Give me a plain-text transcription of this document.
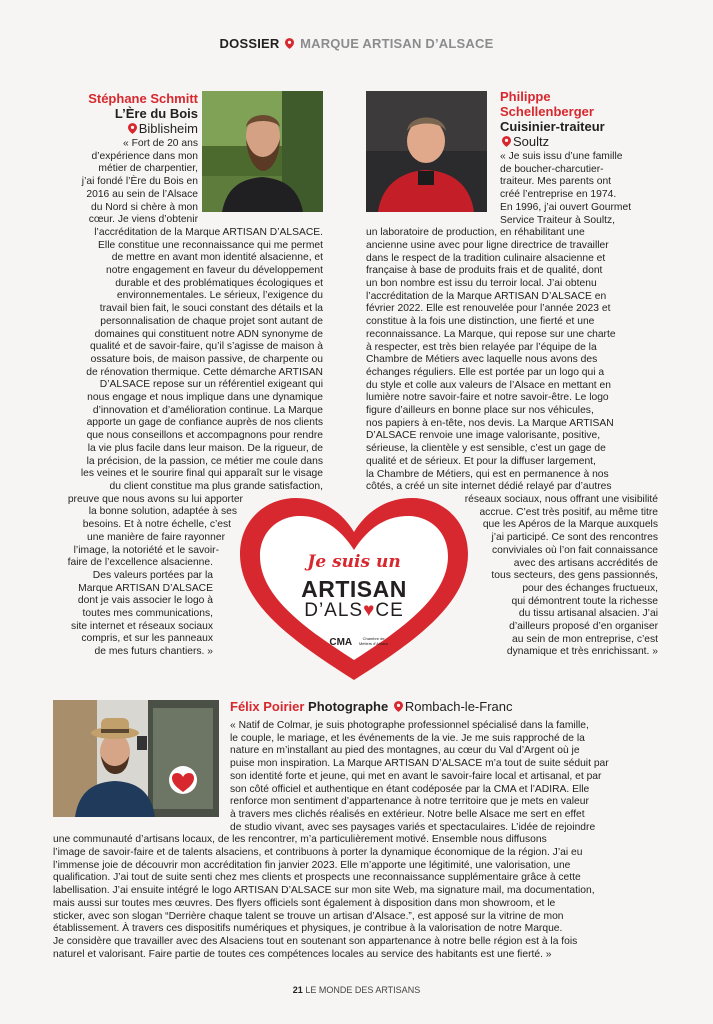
DOSSIER MARQUE ARTISAN D’ALSACE
Stéphane Schmitt
L’Ère du Bois
Biblisheim
« Fort de 20 ans
d’expérience dans mon
métier de charpentier,
j’ai fondé l’Ère du Bois en
2016 au sein de l’Alsace
du Nord si chère à mon
cœur. Je viens d’obtenir
l’accréditation de la Marque ARTISAN D’ALSACE.
Elle constitue une reconnaissance qui me permet
de mettre en avant mon identité alsacienne, et
notre engagement en faveur du développement
durable et des problématiques écologiques et
environnementales. Le sérieux, l’exigence du
travail bien fait, le souci constant des détails et la
personnalisation de chaque projet sont autant de
domaines qui constituent notre ADN synonyme de
qualité et de savoir-faire, qu’il s’agisse de maison à
ossature bois, de maison passive, de charpente ou
de rénovation thermique. Cette démarche ARTISAN
D’ALSACE repose sur un référentiel exigeant qui
nous engage et nous implique dans une dynamique
d’innovation et d’amélioration continue. La Marque
apporte un gage de confiance auprès de nos clients
que nous conseillons et accompagnons pour rendre
la vie plus facile dans leur maison. De la rigueur, de
la précision, de la passion, ce métier me coule dans
les veines et le sourire final qui apparaît sur le visage
du client constitue ma plus grande satisfaction,
preuve que nous avons su lui apporter
la bonne solution, adaptée à ses
besoins. Et à notre échelle, c’est
une manière de faire rayonner
l’image, la notoriété et le savoir-
faire de l’excellence alsacienne.
Des valeurs portées par la
Marque ARTISAN D’ALSACE
dont je vais associer le logo à
toutes mes communications,
site internet et réseaux sociaux
compris, et sur les panneaux
de mes futurs chantiers. »
Philippe
Schellenberger
Cuisinier-traiteur
Soultz
« Je suis issu d’une famille
de boucher-charcutier-
traiteur. Mes parents ont
créé l’entreprise en 1974.
En 1996, j’ai ouvert Gourmet
Service Traiteur à Soultz,
un laboratoire de production, en réhabilitant une
ancienne usine avec pour ligne directrice de travailler
dans le respect de la tradition culinaire alsacienne et
française à base de produits frais et de qualité, dont
un bon nombre est issu du terroir local. J’ai obtenu
l’accréditation de la Marque ARTISAN D’ALSACE en
février 2022. Elle est renouvelée pour l’année 2023 et
constitue à la fois une distinction, une fierté et une
reconnaissance. La Marque, qui repose sur une charte
à respecter, est très bien relayée par l’équipe de la
Chambre de Métiers avec laquelle nous avons des
échanges réguliers. Elle est portée par un logo qui a
du style et colle aux valeurs de l’Alsace en mettant en
lumière notre savoir-faire et notre savoir-être. Le logo
figure d’ailleurs en bonne place sur nos véhicules,
nos papiers à en-tête, nos devis. La Marque ARTISAN
D’ALSACE renvoie une image valorisante, positive,
sérieuse, la clientèle y est sensible, c’est un gage de
qualité et de sérieux. Et pour la diffuser largement,
la Chambre de Métiers, qui est en permanence à nos
côtés, a créé un site internet dédié relayé par d’autres
réseaux sociaux, nous offrant une visibilité
accrue. C’est très positif, au même titre
que les Apéros de la Marque auxquels
j’ai participé. Ce sont des rencontres
conviviales où l’on fait connaissance
avec des artisans accrédités de
tous secteurs, des gens passionnés,
pour des échanges fructueux,
qui démontrent toute la richesse
du tissu artisanal alsacien. J’ai
d’ailleurs proposé d’en organiser
au sein de mon entreprise, c’est
dynamique et très enrichissant. »
Je suis un
ARTISAN
D’ALS♥CE
CMA	Chambre de Métiers d’Alsace
Félix Poirier Photographe Rombach-le-Franc
« Natif de Colmar, je suis photographe professionnel spécialisé dans la famille,
le couple, le mariage, et les événements de la vie. Je me suis rapproché de la
nature en m’installant au pied des montagnes, au cœur du Val d’Argent où je
puise mon inspiration. La Marque ARTISAN D’ALSACE m’a tout de suite séduit par
son identité forte et jeune, qui met en avant le savoir-faire local et artisanal, et par
son côté officiel et authentique en étant codéposée par la CMA et l’ADIRA. Elle
renforce mon sentiment d’appartenance à notre territoire que je mets en valeur
à travers mes clichés réalisés en extérieur. Notre belle Alsace me sert en effet
de studio vivant, avec ses paysages variés et spectaculaires. L’idée de rejoindre
une communauté d’artisans locaux, de les rencontrer, m’a particulièrement motivé. Ensemble nous diffusons
l’image de savoir-faire et de talents alsaciens, et contribuons à porter la dynamique économique de la région. J’ai eu
l’immense joie de découvrir mon accréditation fin janvier 2023. Elle m’apporte une légitimité, une valorisation, une
qualification. J’ai tout de suite senti chez mes clients et prospects une reconnaissance supplémentaire grâce à cette
labellisation. J’ai ensuite intégré le logo ARTISAN D’ALSACE sur mon site Web, ma signature mail, ma documentation,
mais aussi sur toutes mes œuvres. Des flyers officiels sont également à disposition dans mon showroom, et le
sticker, avec son slogan “Derrière chaque talent se trouve un artisan d’Alsace.”, est apposé sur la vitrine de mon
établissement. À travers ces dispositifs numériques et physiques, je contribue à la valorisation de notre Marque.
Je considère que travailler avec des Alsaciens tout en soutenant son appartenance à notre belle région est à la fois
naturel et valorisant. Faire partie de toutes ces compétences locales au service des habitants est une fierté. »
21 LE MONDE DES ARTISANS
